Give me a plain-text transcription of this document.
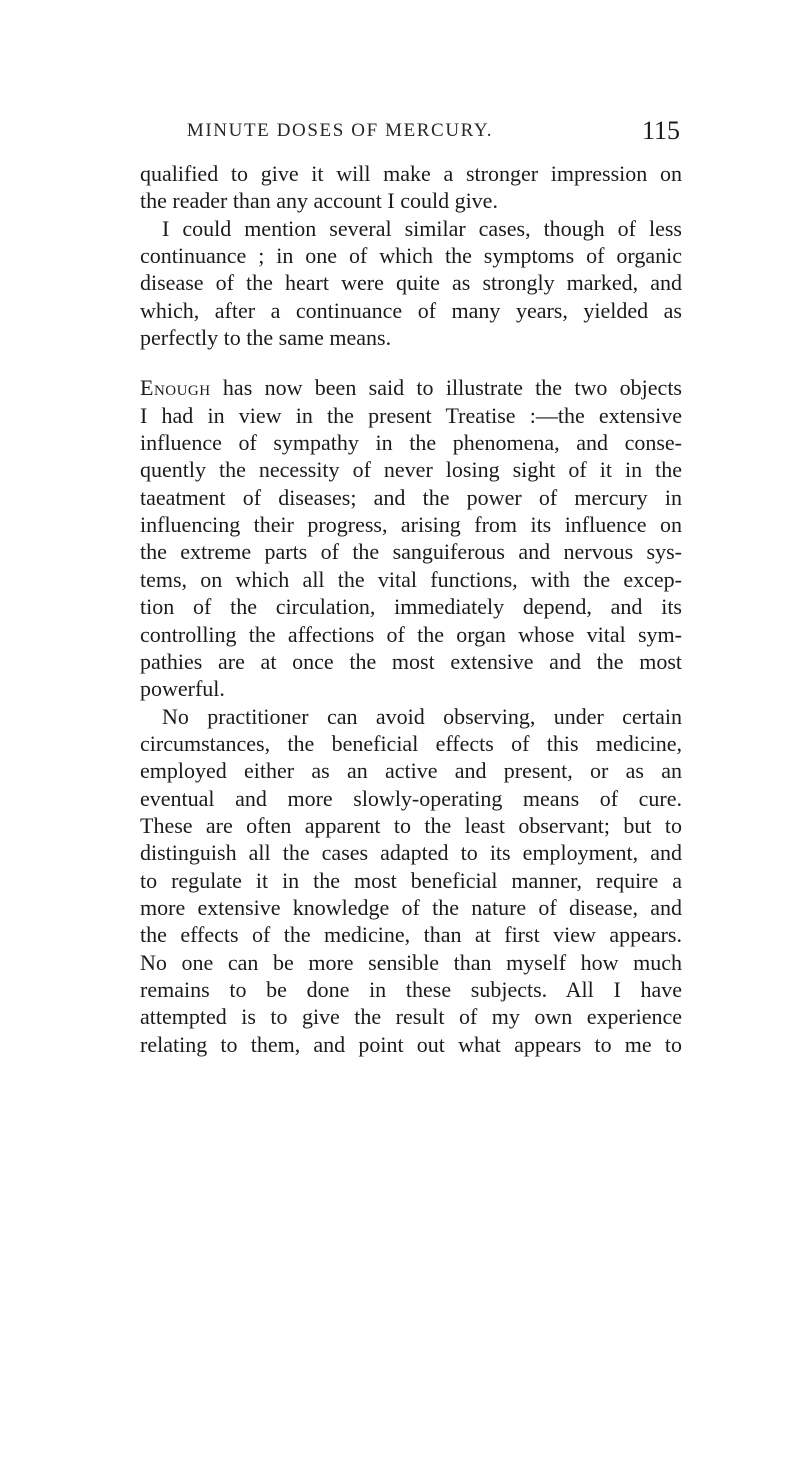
MINUTE DOSES OF MERCURY.	115
qualified to give it will make a stronger impression on
the reader than any account I could give.
I could mention several similar cases, though of less
continuance ; in one of which the symptoms of organic
disease of the heart were quite as strongly marked, and
which, after a continuance of many years, yielded as
perfectly to the same means.
Enough has now been said to illustrate the two objects
I had in view in the present Treatise :—the extensive
influence of sympathy in the phenomena, and conse-
quently the necessity of never losing sight of it in the
taeatment of diseases; and the power of mercury in
influencing their progress, arising from its influence on
the extreme parts of the sanguiferous and nervous sys-
tems, on which all the vital functions, with the excep-
tion of the circulation, immediately depend, and its
controlling the affections of the organ whose vital sym-
pathies are at once the most extensive and the most
powerful.
No practitioner can avoid observing, under certain
circumstances, the beneficial effects of this medicine,
employed either as an active and present, or as an
eventual and more slowly-operating means of cure.
These are often apparent to the least observant; but to
distinguish all the cases adapted to its employment, and
to regulate it in the most beneficial manner, require a
more extensive knowledge of the nature of disease, and
the effects of the medicine, than at first view appears.
No one can be more sensible than myself how much
remains to be done in these subjects. All I have
attempted is to give the result of my own experience
relating to them, and point out what appears to me to
